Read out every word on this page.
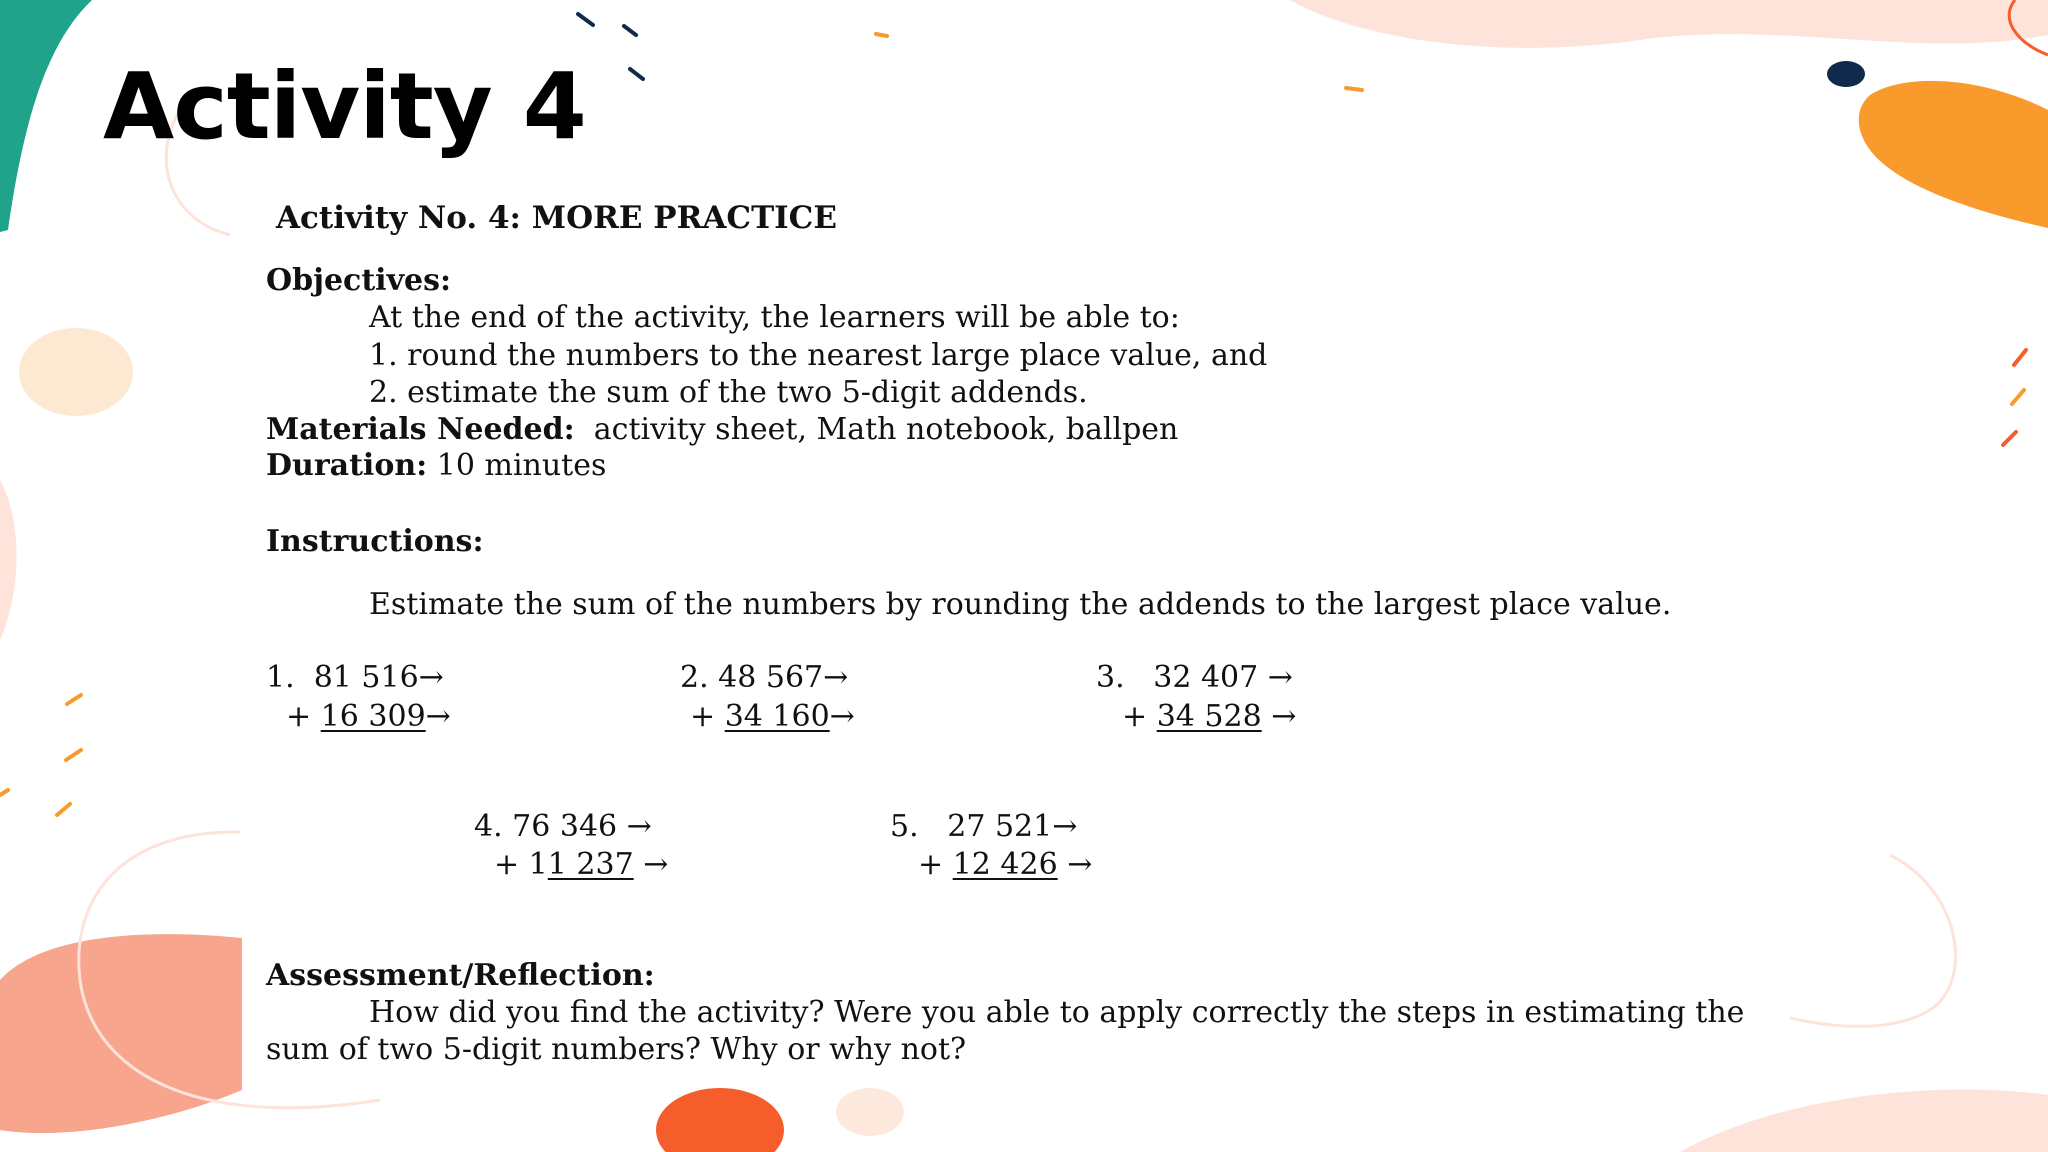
Activity 4
Activity No. 4: MORE PRACTICE
Objectives:
At the end of the activity, the learners will be able to:
1. round the numbers to the nearest large place value, and
2. estimate the sum of the two 5-digit addends.
Materials Needed: activity sheet, Math notebook, ballpen
Duration: 10 minutes
Instructions:
Estimate the sum of the numbers by rounding the addends to the largest place value.
1. 81 516→
+ 16 309→
2. 48 567→
+ 34 160→
3. 32 407 →
+ 34 528 →
4. 76 346 →
+ 11 237 →
5. 27 521→
+ 12 426 →
Assessment/Reflection:
How did you find the activity? Were you able to apply correctly the steps in estimating the
sum of two 5-digit numbers? Why or why not?
